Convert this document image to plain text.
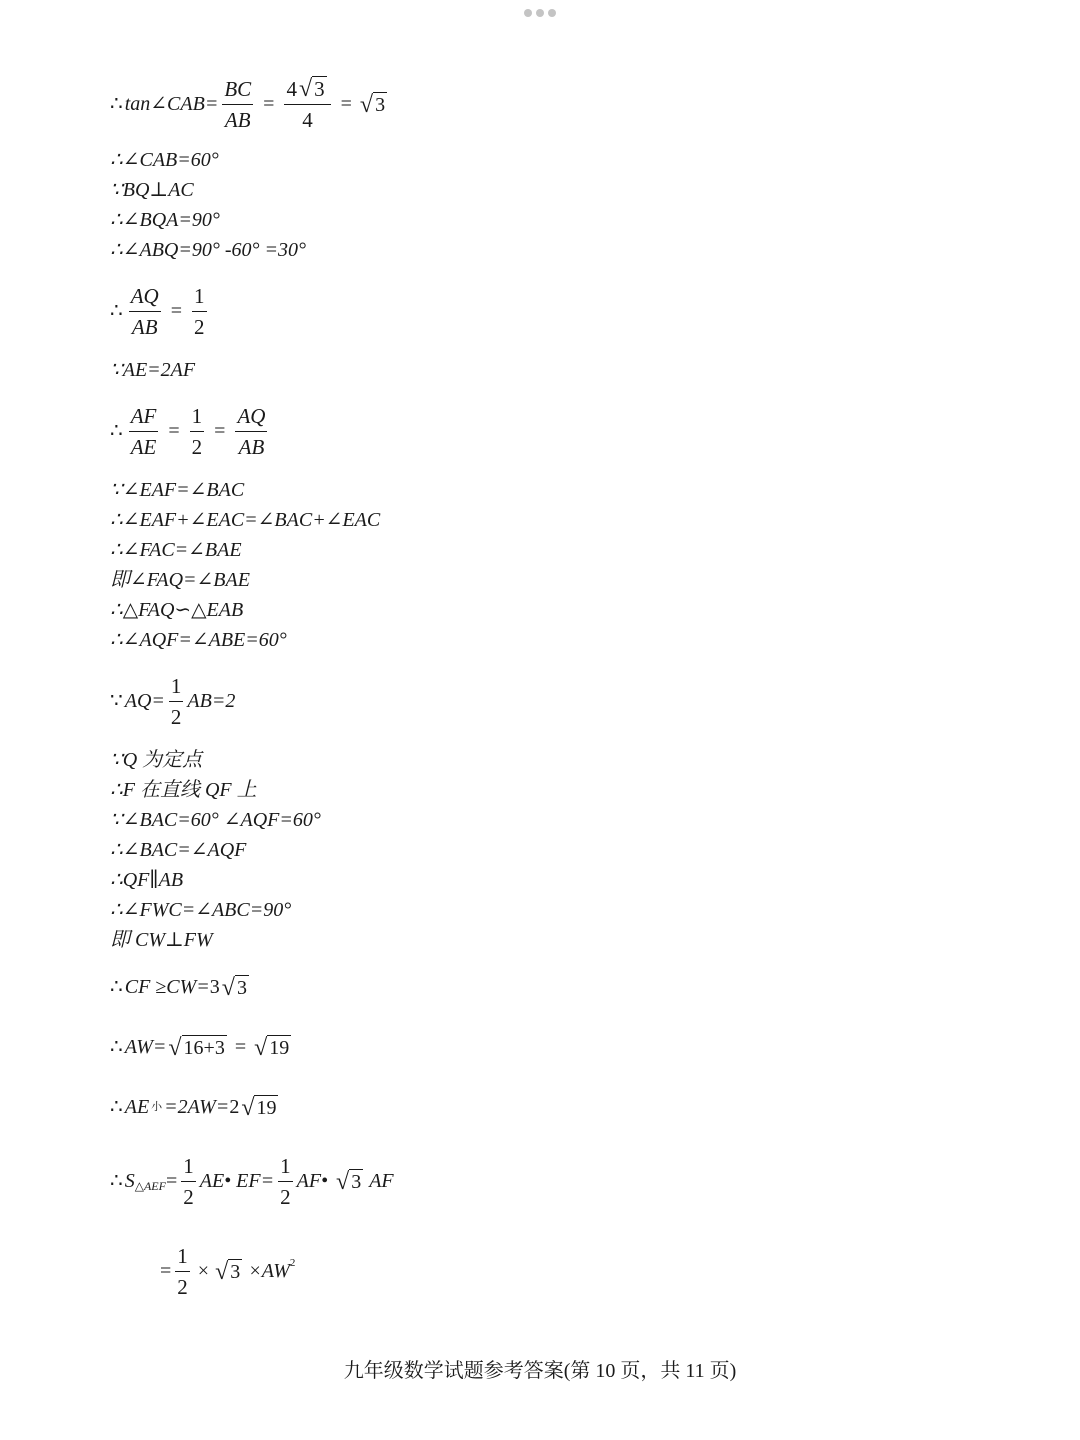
∴ tan∠CAB= $\frac{BC}{AB} = \frac{4 √ 3}{4}$ = √ 3
∴∠CAB=60°
∵BQ⊥AC
∴∠BQA=90°
∴∠ABQ=90° -60° =30°
∴ $\frac{AQ}{AB} = \frac{1}{2}$
∵AE=2AF
∴ $\frac{AF}{AE} = \frac{1}{2} = \frac{AQ}{AB}$
∵∠EAF=∠BAC
∴∠EAF+∠EAC=∠BAC+∠EAC
∴∠FAC=∠BAE
即∠FAQ=∠BAE
∴△FAQ∽△EAB
∴∠AQF=∠ABE=60°
∵ $AQ= \frac{1}{2} AB=2$
∵Q 为定点
∴F 在直线 QF 上
∵∠BAC=60° ∠AQF=60°
∴∠BAC=∠AQF
∴QF∥AB
∴∠FWC=∠ABC=90°
即 CW⊥FW
∴ CF ≥CW= 3 √ 3
∴ AW= √ 16+3 = √ 19
∴ AE 小 =2AW= 2 √ 19
∴ S △AEF = $\frac{1}{2}$ AE• $EF= \frac{1}{2}$ AF• √ 3 AF
= $\frac{1}{2}$ × √ 3 ×AW 2
九年级数学试题参考答案(第 10 页，共 11 页)
